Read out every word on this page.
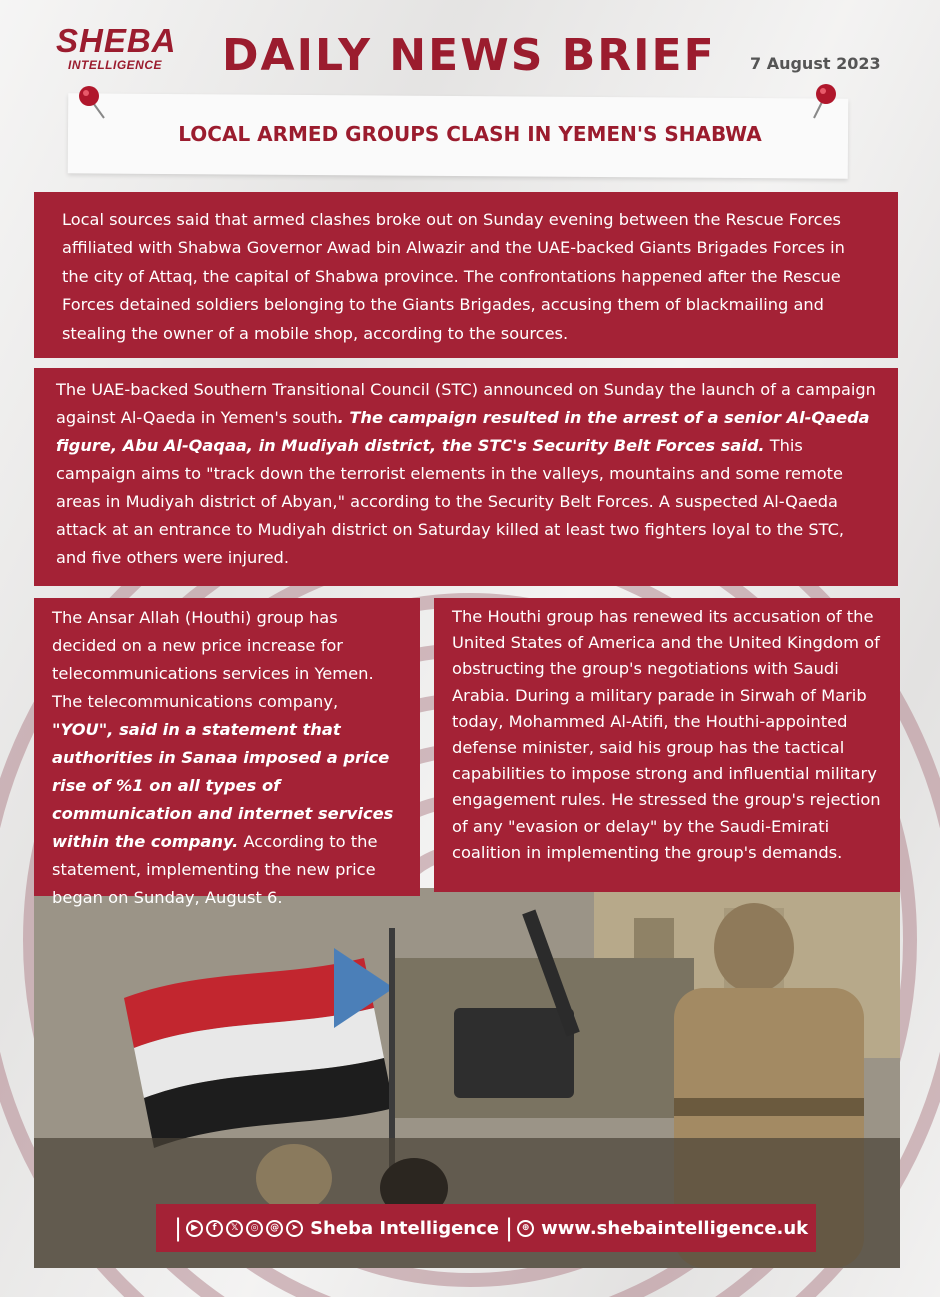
SHEBA
INTELLIGENCE DAILY NEWS BRIEF 7 August 2023
LOCAL ARMED GROUPS CLASH IN YEMEN'S SHABWA

Local sources said that armed clashes broke out on Sunday evening between the Rescue Forces affiliated with Shabwa Governor Awad bin Alwazir and the UAE-backed Giants Brigades Forces in the city of Attaq, the capital of Shabwa province. The confrontations happened after the Rescue Forces detained soldiers belonging to the Giants Brigades, accusing them of blackmailing and stealing the owner of a mobile shop, according to the sources.

The UAE-backed Southern Transitional Council (STC) announced on Sunday the launch of a campaign against Al-Qaeda in Yemen's south. The campaign resulted in the arrest of a senior Al-Qaeda figure, Abu Al-Qaqaa, in Mudiyah district, the STC's Security Belt Forces said. This campaign aims to "track down the terrorist elements in the valleys, mountains and some remote areas in Mudiyah district of Abyan," according to the Security Belt Forces. A suspected Al-Qaeda attack at an entrance to Mudiyah district on Saturday killed at least two fighters loyal to the STC, and five others were injured.

The Ansar Allah (Houthi) group has decided on a new price increase for telecommunications services in Yemen. The telecommunications company, "YOU", said in a statement that authorities in Sanaa imposed a price rise of %1 on all types of communication and internet services within the company. According to the statement, implementing the new price began on Sunday, August 6.

The Houthi group has renewed its accusation of the United States of America and the United Kingdom of obstructing the group's negotiations with Saudi Arabia. During a military parade in Sirwah of Marib today, Mohammed Al-Atifi, the Houthi-appointed defense minister, said his group has the tactical capabilities to impose strong and influential military engagement rules. He stressed the group's rejection of any "evasion or delay" by the Saudi-Emirati coalition in implementing the group's demands.

|	▶	f	𝕏	◎	@	➤ Sheba Intelligence | ⊕ www.shebaintelligence.uk
